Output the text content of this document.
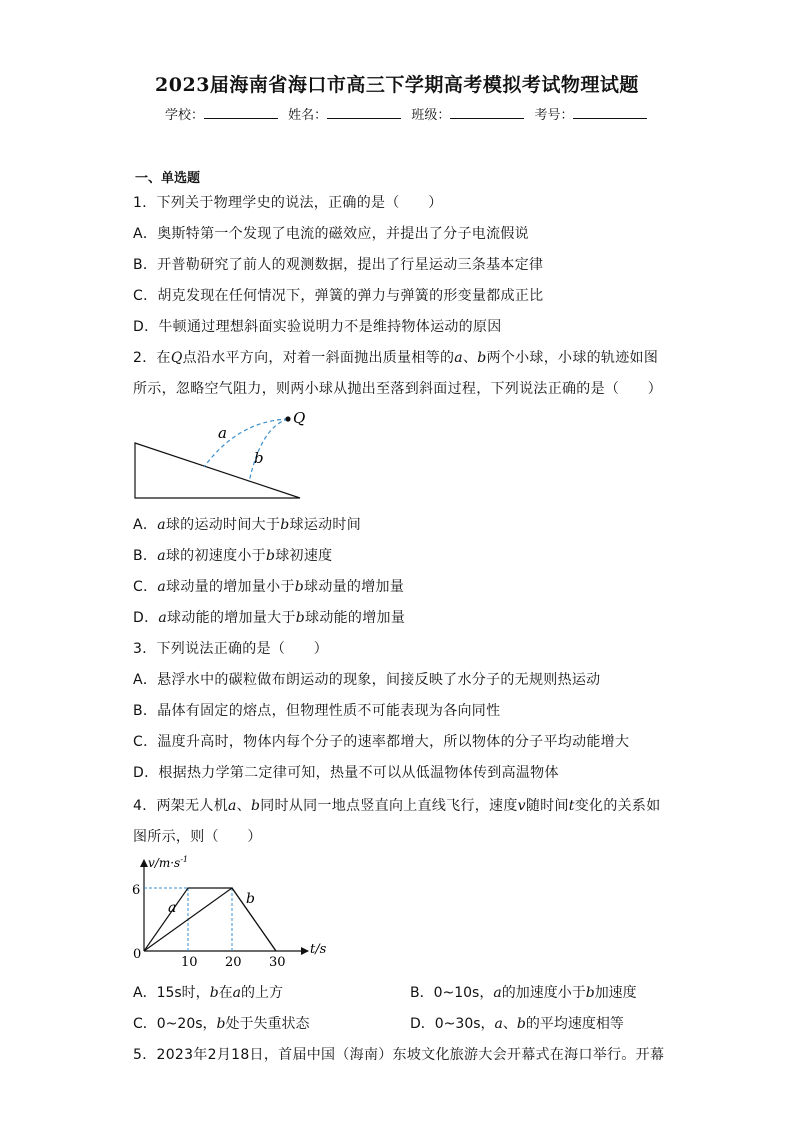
2023届海南省海口市高三下学期高考模拟考试物理试题
学校：	姓名：	班级：	考号：
一、单选题
1．下列关于物理学史的说法，正确的是（　　）
A．奥斯特第一个发现了电流的磁效应，并提出了分子电流假说
B．开普勒研究了前人的观测数据，提出了行星运动三条基本定律
C．胡克发现在任何情况下，弹簧的弹力与弹簧的形变量都成正比
D．牛顿通过理想斜面实验说明力不是维持物体运动的原因
2．在Q点沿水平方向，对着一斜面抛出质量相等的a、b两个小球，小球的轨迹如图
所示，忽略空气阻力，则两小球从抛出至落到斜面过程，下列说法正确的是（　　）
a
b
Q
A．a球的运动时间大于b球运动时间
B．a球的初速度小于b球初速度
C．a球动量的增加量小于b球动量的增加量
D．a球动能的增加量大于b球动能的增加量
3．下列说法正确的是（　　）
A．悬浮水中的碳粒做布朗运动的现象，间接反映了水分子的无规则热运动
B．晶体有固定的熔点，但物理性质不可能表现为各向同性
C．温度升高时，物体内每个分子的速率都增大，所以物体的分子平均动能增大
D．根据热力学第二定律可知，热量不可以从低温物体传到高温物体
4．两架无人机a、b同时从同一地点竖直向上直线飞行，速度v随时间t变化的关系如
图所示，则（　　）
$v/m\cdot s^{-1}$
t/s
0
6
10 20 30
a
b
A．15s时，b在a的上方	B．0~10s，a的加速度小于b加速度
C．0~20s，b处于失重状态	D．0~30s，a、b的平均速度相等
5．2023年2月18日，首届中国（海南）东坡文化旅游大会开幕式在海口举行。开幕
